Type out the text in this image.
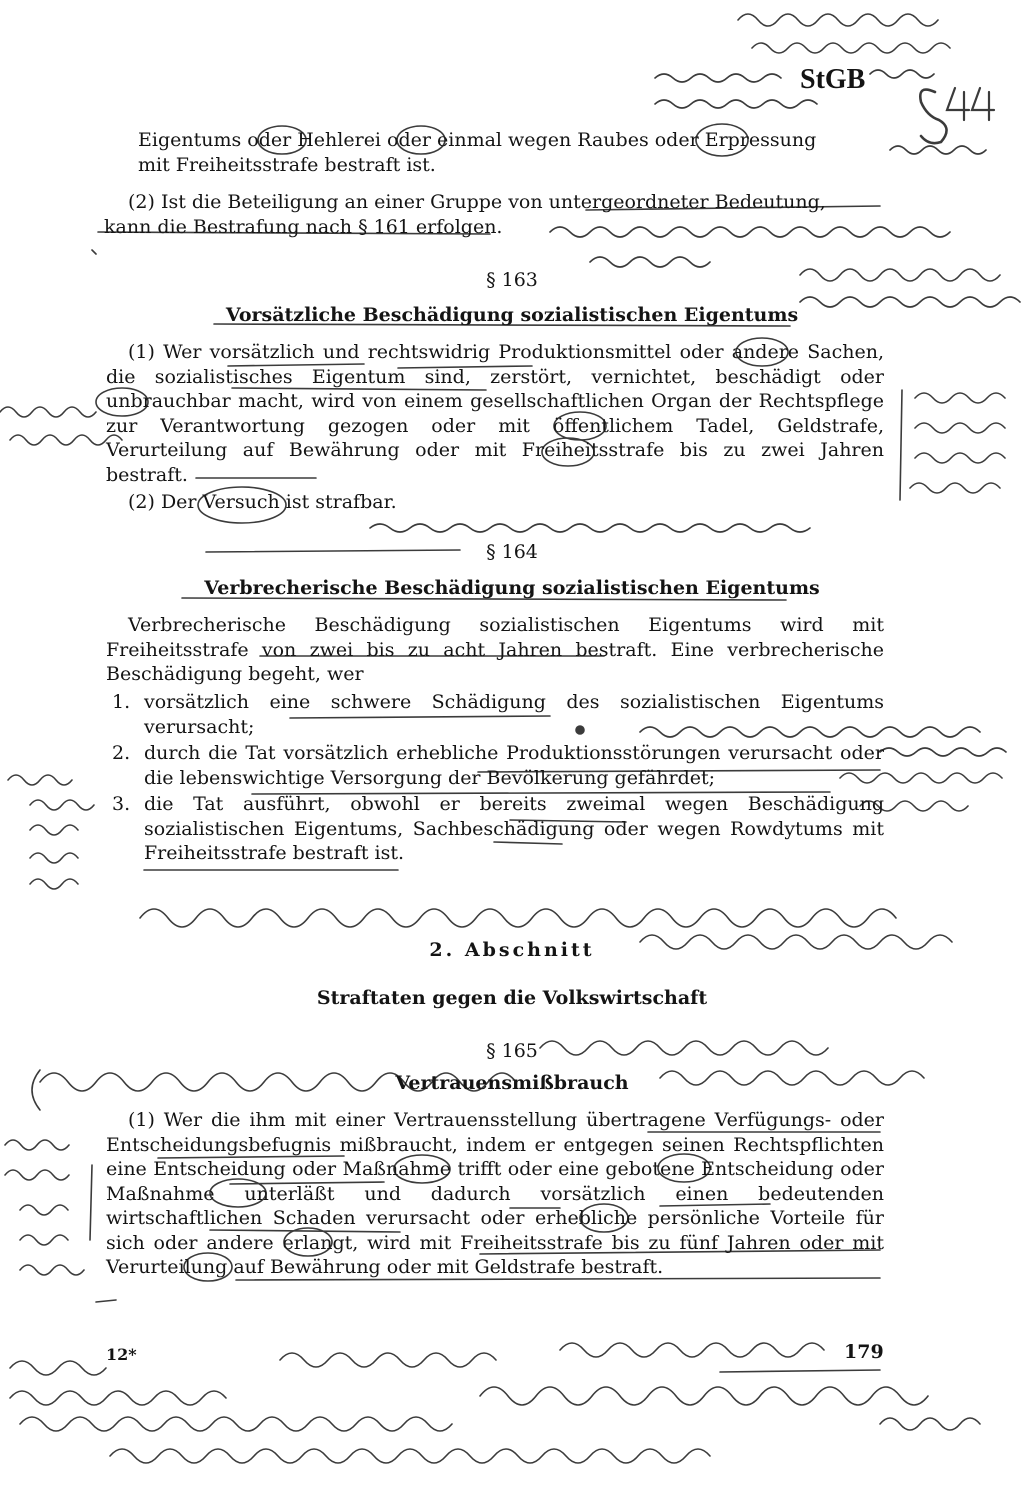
StGB
Eigentums oder Hehlerei oder einmal wegen Raubes oder Erpressung
mit Freiheitsstrafe bestraft ist.
(2) Ist die Beteiligung an einer Gruppe von untergeordneter Bedeutung,
kann die Bestrafung nach § 161 erfolgen.
§ 163
Vorsätzliche Beschädigung sozialistischen Eigentums

(1) Wer vorsätzlich und rechtswidrig Produktionsmittel oder andere Sachen, die sozialistisches Eigentum sind, zerstört, vernichtet, beschädigt oder unbrauchbar macht, wird von einem gesellschaftlichen Organ der Rechtspflege zur Verantwortung gezogen oder mit öffentlichem Tadel, Geldstrafe, Verurteilung auf Bewährung oder mit Freiheitsstrafe bis zu zwei Jahren bestraft.

(2) Der Versuch ist strafbar.

§ 164
Verbrecherische Beschädigung sozialistischen Eigentums

Verbrecherische Beschädigung sozialistischen Eigentums wird mit Freiheitsstrafe von zwei bis zu acht Jahren bestraft. Eine verbrecherische Beschädigung begeht, wer

1. vorsätzlich eine schwere Schädigung des sozialistischen Eigentums verursacht;
2. durch die Tat vorsätzlich erhebliche Produktionsstörungen verursacht oder die lebenswichtige Versorgung der Bevölkerung gefährdet;
3. die Tat ausführt, obwohl er bereits zweimal wegen Beschädigung sozialistischen Eigentums, Sachbeschädigung oder wegen Rowdytums mit Freiheitsstrafe bestraft ist.
2. Abschnitt
Straftaten gegen die Volkswirtschaft
§ 165
Vertrauensmißbrauch

(1) Wer die ihm mit einer Vertrauensstellung übertragene Verfügungs- oder Entscheidungsbefugnis mißbraucht, indem er entgegen seinen Rechtspflichten eine Entscheidung oder Maßnahme trifft oder eine gebotene Entscheidung oder Maßnahme unterläßt und dadurch vorsätzlich einen bedeutenden wirtschaftlichen Schaden verursacht oder erhebliche persönliche Vorteile für sich oder andere erlangt, wird mit Freiheitsstrafe bis zu fünf Jahren oder mit Verurteilung auf Bewährung oder mit Geldstrafe bestraft.

12*	179
